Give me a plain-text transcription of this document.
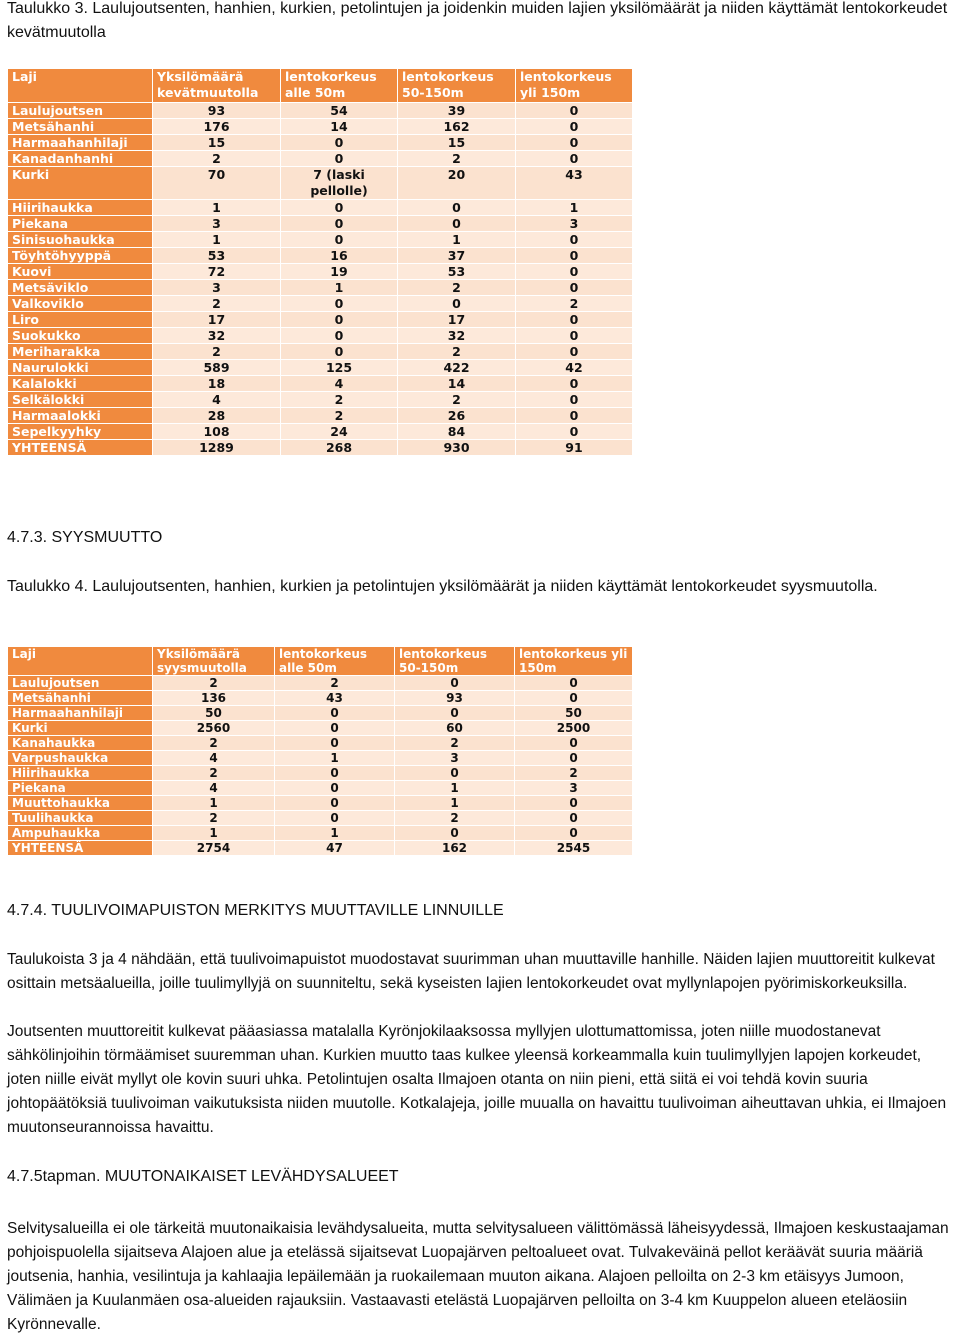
Taulukko 3. Laulujoutsenten, hanhien, kurkien, petolintujen ja joidenkin muiden lajien yksilömäärät ja niiden käyttämät lentokorkeudet kevätmuutolla

Laji	Yksilömäärä kevätmuutolla	lentokorkeus alle 50m	lentokorkeus 50-150m	lentokorkeus yli 150m
Laulujoutsen	93	54	39	0
Metsähanhi	176	14	162	0
Harmaahanhilaji	15	0	15	0
Kanadanhanhi	2	0	2	0
Kurki	70	7 (laski pellolle)	20	43
Hiirihaukka	1	0	0	1
Piekana	3	0	0	3
Sinisuohaukka	1	0	1	0
Töyhtöhyyppä	53	16	37	0
Kuovi	72	19	53	0
Metsäviklo	3	1	2	0
Valkoviklo	2	0	0	2
Liro	17	0	17	0
Suokukko	32	0	32	0
Meriharakka	2	0	2	0
Naurulokki	589	125	422	42
Kalalokki	18	4	14	0
Selkälokki	4	2	2	0
Harmaalokki	28	2	26	0
Sepelkyyhky	108	24	84	0
YHTEENSÄ	1289	268	930	91

4.7.3. SYYSMUUTTO

Taulukko 4. Laulujoutsenten, hanhien, kurkien ja petolintujen yksilömäärät ja niiden käyttämät lentokorkeudet syysmuutolla.

Laji	Yksilömäärä syysmuutolla	lentokorkeus alle 50m	lentokorkeus 50-150m	lentokorkeus yli 150m
Laulujoutsen	2	2	0	0
Metsähanhi	136	43	93	0
Harmaahanhilaji	50	0	0	50
Kurki	2560	0	60	2500
Kanahaukka	2	0	2	0
Varpushaukka	4	1	3	0
Hiirihaukka	2	0	0	2
Piekana	4	0	1	3
Muuttohaukka	1	0	1	0
Tuulihaukka	2	0	2	0
Ampuhaukka	1	1	0	0
YHTEENSÄ	2754	47	162	2545

4.7.4. TUULIVOIMAPUISTON MERKITYS MUUTTAVILLE LINNUILLE

Taulukoista 3 ja 4 nähdään, että tuulivoimapuistot muodostavat suurimman uhan muuttaville hanhille. Näiden lajien muuttoreitit kulkevat osittain metsäalueilla, joille tuulimyllyjä on suunniteltu, sekä kyseisten lajien lentokorkeudet ovat myllynlapojen pyörimiskorkeuksilla.

Joutsenten muuttoreitit kulkevat pääasiassa matalalla Kyrönjokilaaksossa myllyjen ulottumattomissa, joten niille muodostanevat sähkölinjoihin törmäämiset suuremman uhan. Kurkien muutto taas kulkee yleensä korkeammalla kuin tuulimyllyjen lapojen korkeudet, joten niille eivät myllyt ole kovin suuri uhka. Petolintujen osalta Ilmajoen otanta on niin pieni, että siitä ei voi tehdä kovin suuria johtopäätöksiä tuulivoiman vaikutuksista niiden muutolle. Kotkalajeja, joille muualla on havaittu tuulivoiman aiheuttavan uhkia, ei Ilmajoen muutonseurannoissa havaittu.

4.7.5tapman. MUUTONAIKAISET LEVÄHDYSALUEET

Selvitysalueilla ei ole tärkeitä muutonaikaisia levähdysalueita, mutta selvitysalueen välittömässä läheisyydessä, Ilmajoen keskustaajaman pohjoispuolella sijaitseva Alajoen alue ja etelässä sijaitsevat Luopajärven peltoalueet ovat. Tulvakeväinä pellot keräävät suuria määriä joutsenia, hanhia, vesilintuja ja kahlaajia lepäilemään ja ruokailemaan muuton aikana. Alajoen pelloilta on 2-3 km etäisyys Jumoon, Välimäen ja Kuulanmäen osa-alueiden rajauksiin. Vastaavasti etelästä Luopajärven pelloilta on 3-4 km Kuuppelon alueen eteläosiin Kyrönnevalle.
